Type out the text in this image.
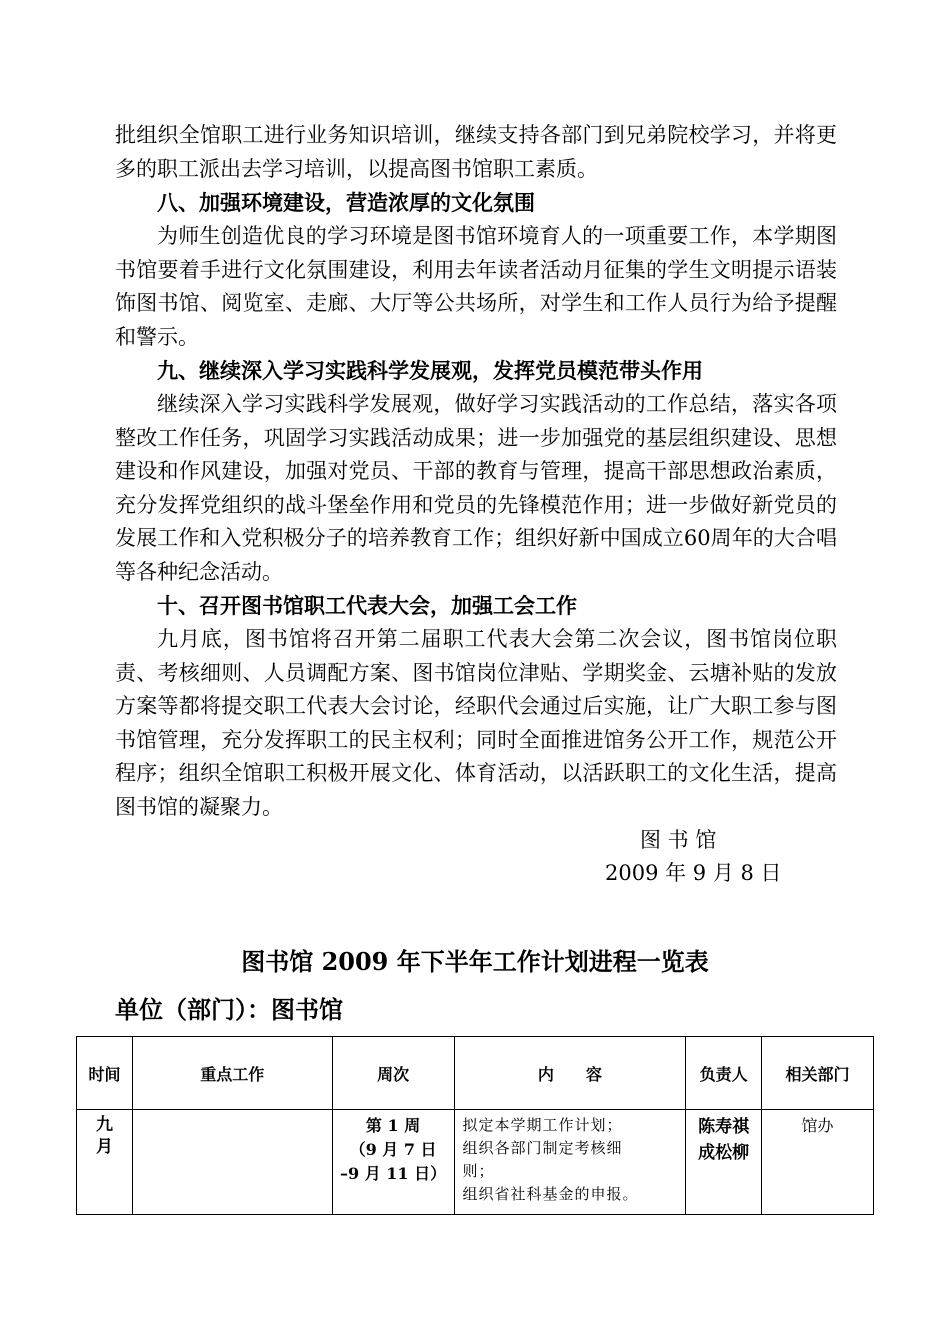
批组织全馆职工进行业务知识培训，继续支持各部门到兄弟院校学习，并将更多的职工派出去学习培训，以提高图书馆职工素质。

八、加强环境建设，营造浓厚的文化氛围

为师生创造优良的学习环境是图书馆环境育人的一项重要工作，本学期图书馆要着手进行文化氛围建设，利用去年读者活动月征集的学生文明提示语装饰图书馆、阅览室、走廊、大厅等公共场所，对学生和工作人员行为给予提醒和警示。

九、继续深入学习实践科学发展观，发挥党员模范带头作用

继续深入学习实践科学发展观，做好学习实践活动的工作总结，落实各项整改工作任务，巩固学习实践活动成果；进一步加强党的基层组织建设、思想建设和作风建设，加强对党员、干部的教育与管理，提高干部思想政治素质，充分发挥党组织的战斗堡垒作用和党员的先锋模范作用；进一步做好新党员的发展工作和入党积极分子的培养教育工作；组织好新中国成立60周年的大合唱等各种纪念活动。

十、召开图书馆职工代表大会，加强工会工作

九月底，图书馆将召开第二届职工代表大会第二次会议，图书馆岗位职责、考核细则、人员调配方案、图书馆岗位津贴、学期奖金、云塘补贴的发放方案等都将提交职工代表大会讨论，经职代会通过后实施，让广大职工参与图书馆管理，充分发挥职工的民主权利；同时全面推进馆务公开工作，规范公开程序；组织全馆职工积极开展文化、体育活动，以活跃职工的文化生活，提高图书馆的凝聚力。

图 书 馆
2009 年 9 月 8 日
图书馆 2009 年下半年工作计划进程一览表
单位（部门）：图书馆
时间	重点工作	周次	内　　容	负责人	相关部门

九
月		第 1 周
（9 月 7 日
–9 月 11 日）	拟定本学期工作计划；
组织各部门制定考核细
则；
组织省社科基金的申报。	陈寿祺
成松柳	馆办
